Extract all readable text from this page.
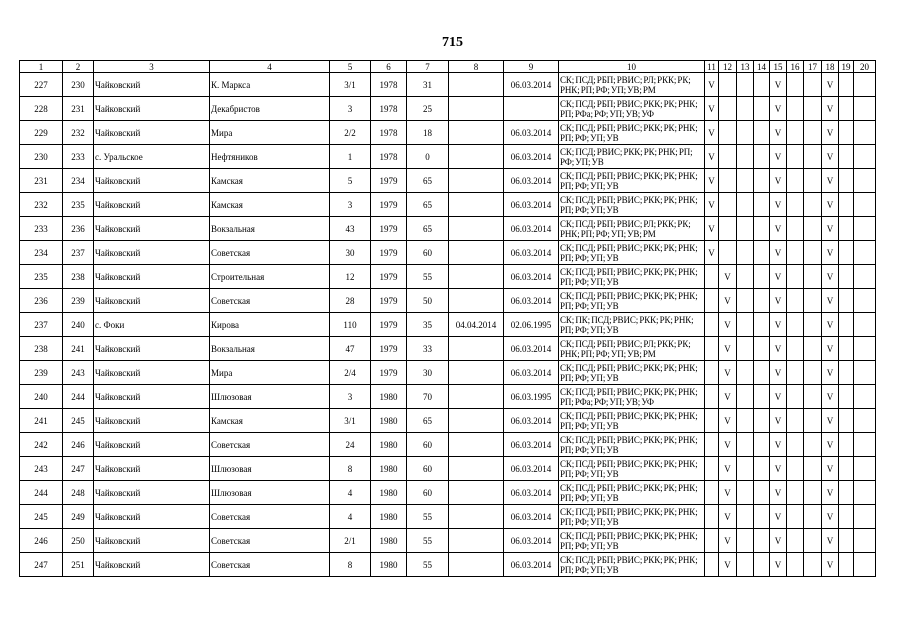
715
1	2	3	4	5	6	7	8	9	10	11	12	13	14	15	16	17	18	19	20
227	230	Чайковский	К. Маркса	3/1	1978	31		06.03.2014	СК; ПСД; РБП; РВИС; РЛ; РКК; РК; РНК; РП; РФ; УП; УВ; РМ	V				V			V		
228	231	Чайковский	Декабристов	3	1978	25			СК; ПСД; РБП; РВИС; РКК; РК; РНК; РП; РФа; РФ; УП; УВ; УФ	V				V			V		
229	232	Чайковский	Мира	2/2	1978	18		06.03.2014	СК; ПСД; РБП; РВИС; РКК; РК; РНК; РП; РФ; УП; УВ	V				V			V		
230	233	с. Уральское	Нефтяников	1	1978	0		06.03.2014	СК; ПСД; РВИС; РКК; РК; РНК; РП; РФ; УП; УВ	V				V			V		
231	234	Чайковский	Камская	5	1979	65		06.03.2014	СК; ПСД; РБП; РВИС; РКК; РК; РНК; РП; РФ; УП; УВ	V				V			V		
232	235	Чайковский	Камская	3	1979	65		06.03.2014	СК; ПСД; РБП; РВИС; РКК; РК; РНК; РП; РФ; УП; УВ	V				V			V		
233	236	Чайковский	Вокзальная	43	1979	65		06.03.2014	СК; ПСД; РБП; РВИС; РЛ; РКК; РК; РНК; РП; РФ; УП; УВ; РМ	V				V			V		
234	237	Чайковский	Советская	30	1979	60		06.03.2014	СК; ПСД; РБП; РВИС; РКК; РК; РНК; РП; РФ; УП; УВ	V				V			V		
235	238	Чайковский	Строительная	12	1979	55		06.03.2014	СК; ПСД; РБП; РВИС; РКК; РК; РНК; РП; РФ; УП; УВ		V			V			V		
236	239	Чайковский	Советская	28	1979	50		06.03.2014	СК; ПСД; РБП; РВИС; РКК; РК; РНК; РП; РФ; УП; УВ		V			V			V		
237	240	с. Фоки	Кирова	110	1979	35	04.04.2014	02.06.1995	СК; ПК; ПСД; РВИС; РКК; РК; РНК; РП; РФ; УП; УВ		V			V			V		
238	241	Чайковский	Вокзальная	47	1979	33		06.03.2014	СК; ПСД; РБП; РВИС; РЛ; РКК; РК; РНК; РП; РФ; УП; УВ; РМ		V			V			V		
239	243	Чайковский	Мира	2/4	1979	30		06.03.2014	СК; ПСД; РБП; РВИС; РКК; РК; РНК; РП; РФ; УП; УВ		V			V			V		
240	244	Чайковский	Шлюзовая	3	1980	70		06.03.1995	СК; ПСД; РБП; РВИС; РКК; РК; РНК; РП; РФа; РФ; УП; УВ; УФ		V			V			V		
241	245	Чайковский	Камская	3/1	1980	65		06.03.2014	СК; ПСД; РБП; РВИС; РКК; РК; РНК; РП; РФ; УП; УВ		V			V			V		
242	246	Чайковский	Советская	24	1980	60		06.03.2014	СК; ПСД; РБП; РВИС; РКК; РК; РНК; РП; РФ; УП; УВ		V			V			V		
243	247	Чайковский	Шлюзовая	8	1980	60		06.03.2014	СК; ПСД; РБП; РВИС; РКК; РК; РНК; РП; РФ; УП; УВ		V			V			V		
244	248	Чайковский	Шлюзовая	4	1980	60		06.03.2014	СК; ПСД; РБП; РВИС; РКК; РК; РНК; РП; РФ; УП; УВ		V			V			V		
245	249	Чайковский	Советская	4	1980	55		06.03.2014	СК; ПСД; РБП; РВИС; РКК; РК; РНК; РП; РФ; УП; УВ		V			V			V		
246	250	Чайковский	Советская	2/1	1980	55		06.03.2014	СК; ПСД; РБП; РВИС; РКК; РК; РНК; РП; РФ; УП; УВ		V			V			V		
247	251	Чайковский	Советская	8	1980	55		06.03.2014	СК; ПСД; РБП; РВИС; РКК; РК; РНК; РП; РФ; УП; УВ		V			V			V		
